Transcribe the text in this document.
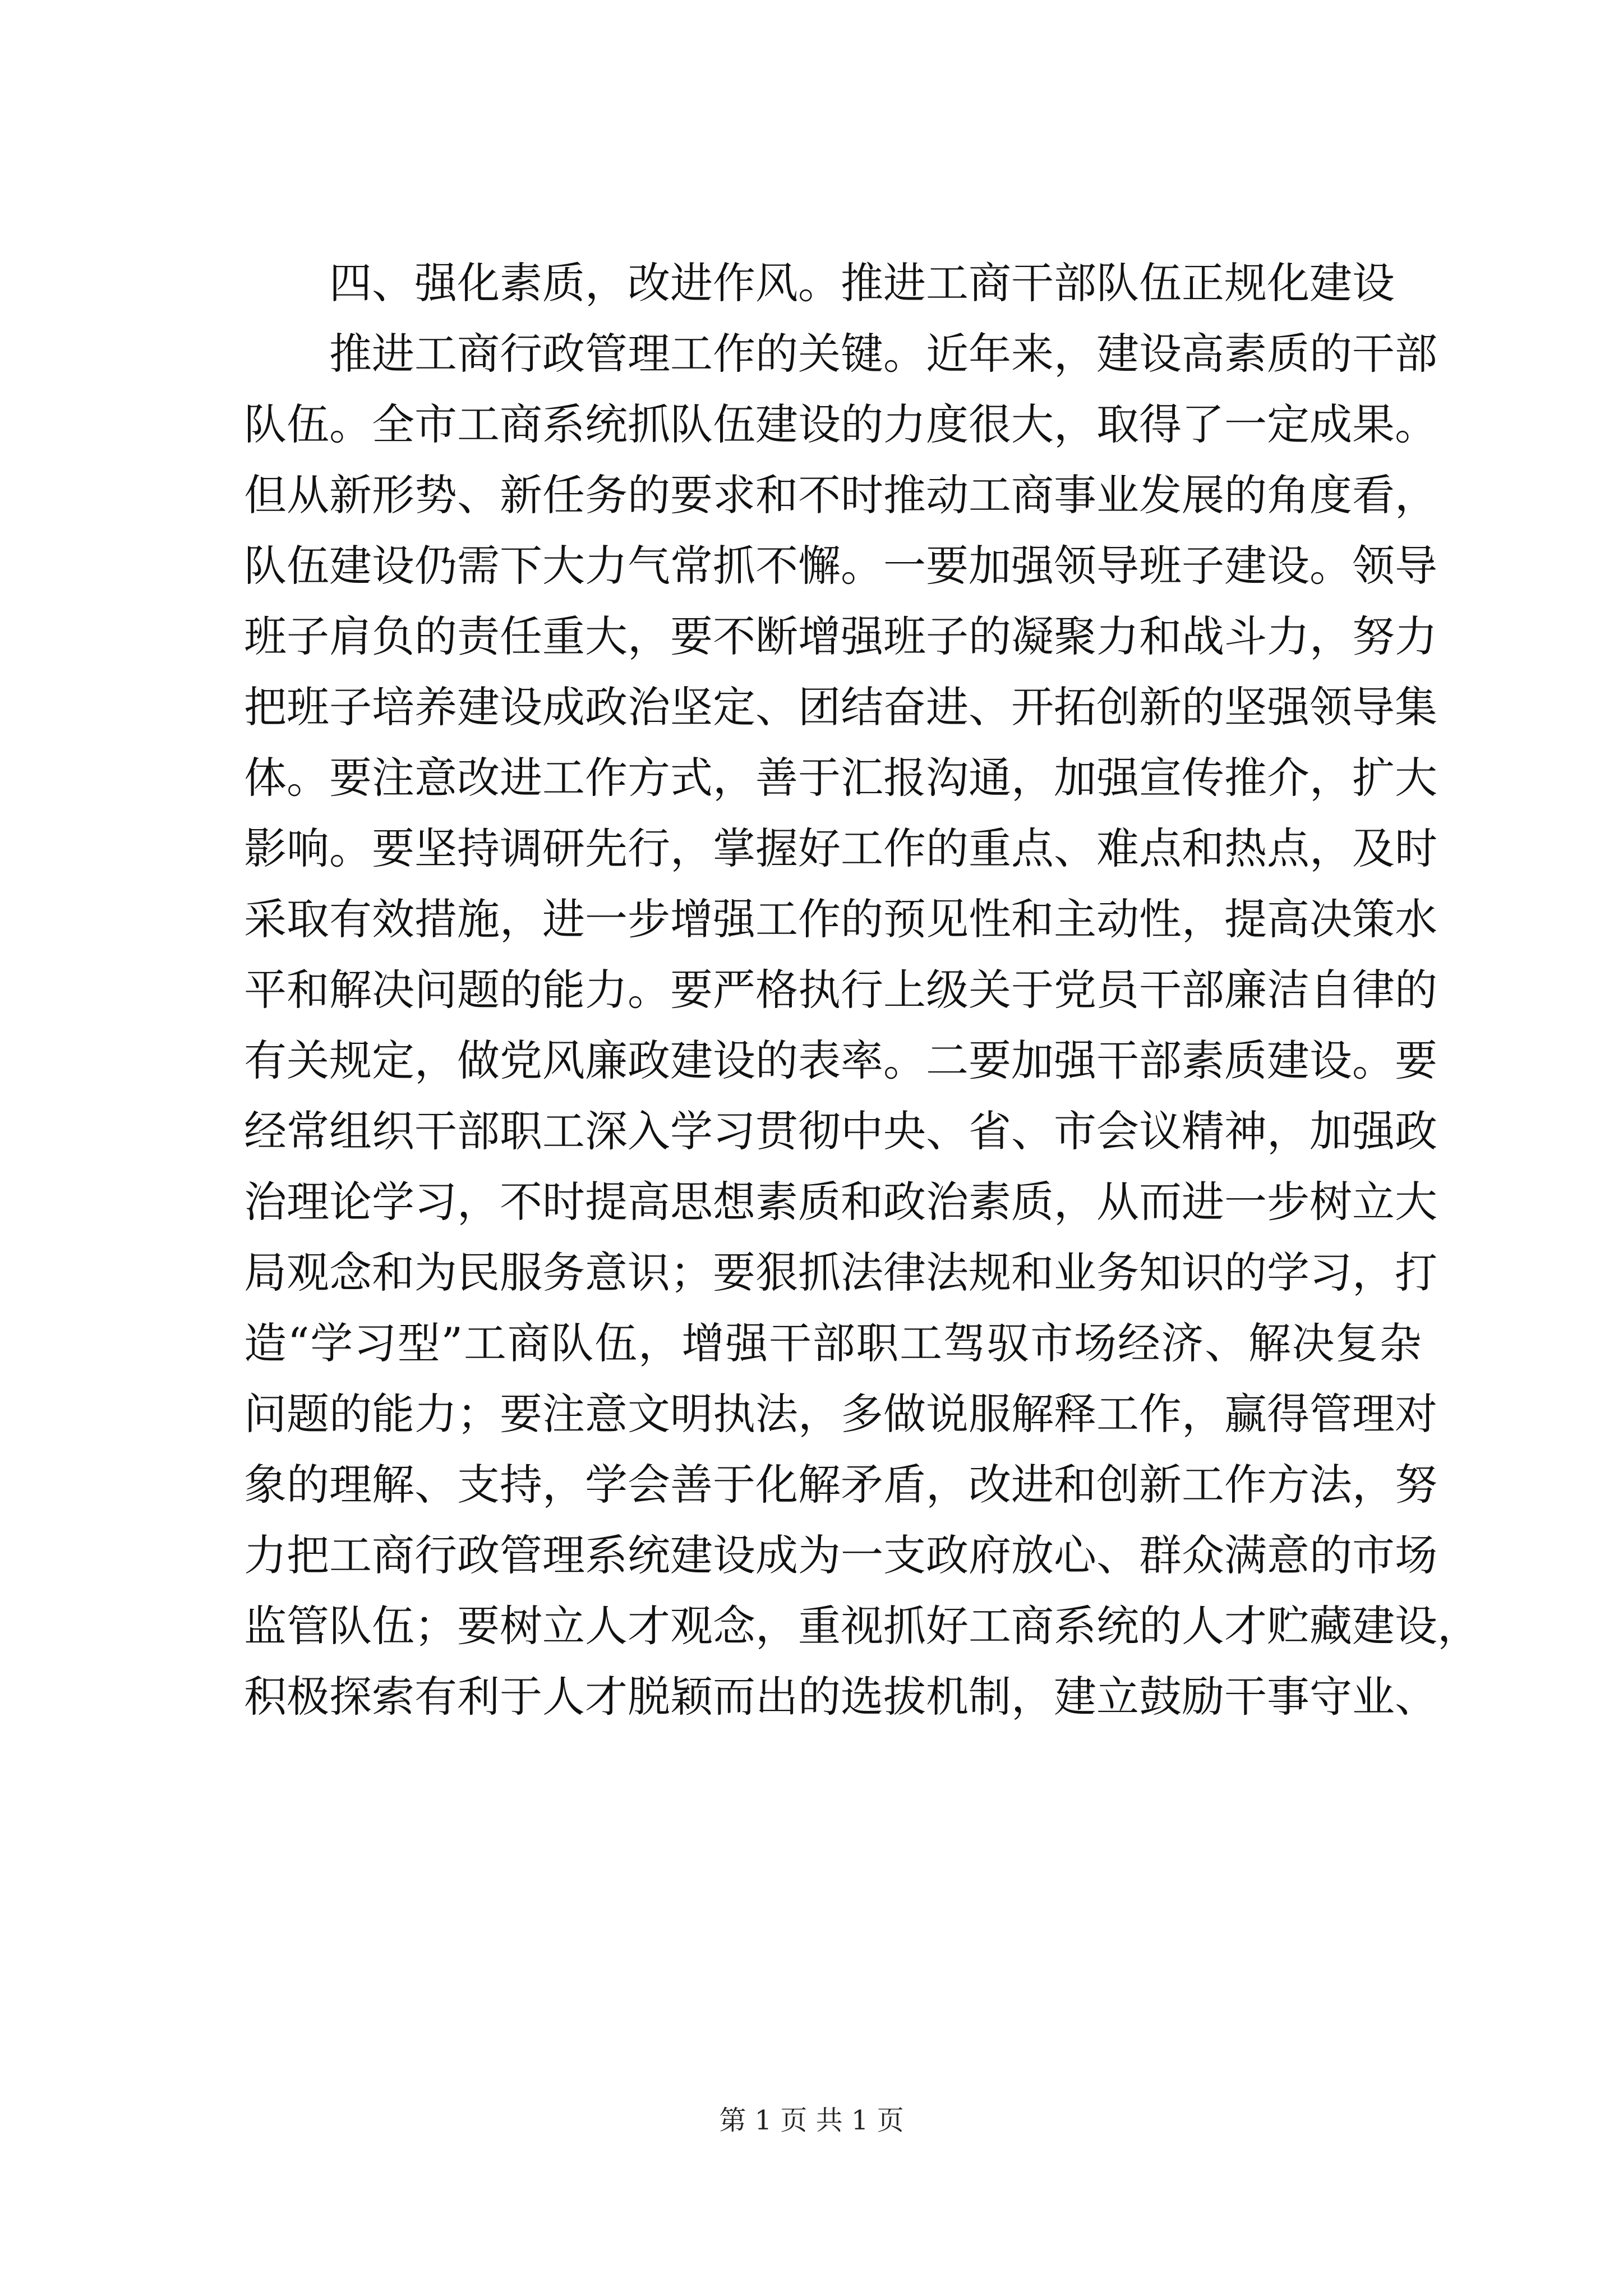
四、强化素质，改进作风。推进工商干部队伍正规化建设
推进工商行政管理工作的关键。近年来，建设高素质的干部
队伍。全市工商系统抓队伍建设的力度很大，取得了一定成果。
但从新形势、新任务的要求和不时推动工商事业发展的角度看，
队伍建设仍需下大力气常抓不懈。一要加强领导班子建设。领导
班子肩负的责任重大，要不断增强班子的凝聚力和战斗力，努力
把班子培养建设成政治坚定、团结奋进、开拓创新的坚强领导集
体。要注意改进工作方式，善于汇报沟通，加强宣传推介，扩大
影响。要坚持调研先行，掌握好工作的重点、难点和热点，及时
采取有效措施，进一步增强工作的预见性和主动性，提高决策水
平和解决问题的能力。要严格执行上级关于党员干部廉洁自律的
有关规定，做党风廉政建设的表率。二要加强干部素质建设。要
经常组织干部职工深入学习贯彻中央、省、市会议精神，加强政
治理论学习，不时提高思想素质和政治素质，从而进一步树立大
局观念和为民服务意识；要狠抓法律法规和业务知识的学习，打
造“学习型”工商队伍，增强干部职工驾驭市场经济、解决复杂
问题的能力；要注意文明执法，多做说服解释工作，赢得管理对
象的理解、支持，学会善于化解矛盾，改进和创新工作方法，努
力把工商行政管理系统建设成为一支政府放心、群众满意的市场
监管队伍；要树立人才观念，重视抓好工商系统的人才贮藏建设，
积极探索有利于人才脱颖而出的选拔机制，建立鼓励干事守业、
第 1 页 共 1 页
